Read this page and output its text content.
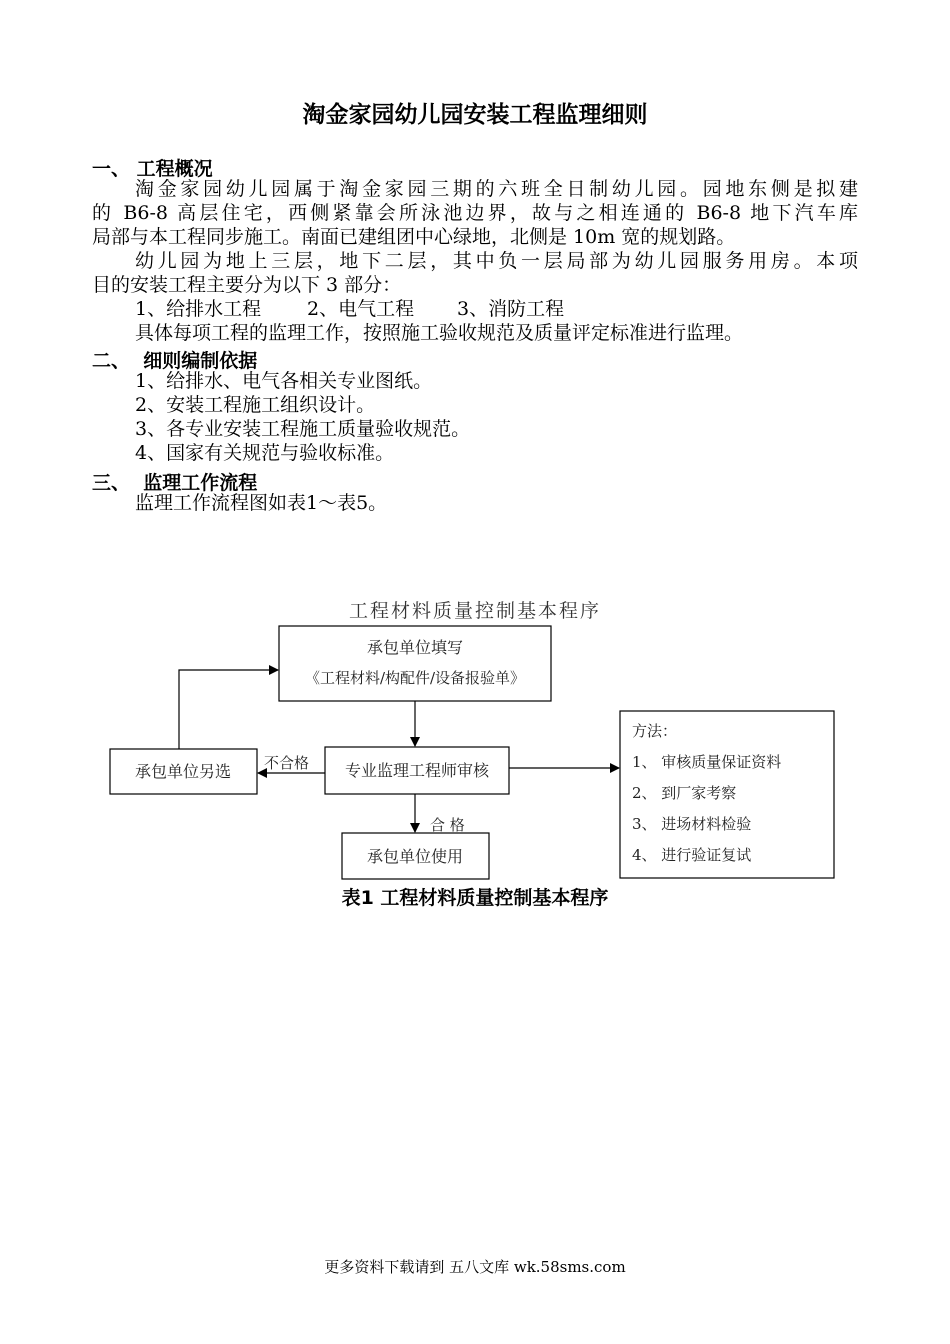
淘金家园幼儿园安装工程监理细则
一、 工程概况
淘金家园幼儿园属于淘金家园三期的六班全日制幼儿园。园地东侧是拟建
的 B6-8 高层住宅，西侧紧靠会所泳池边界，故与之相连通的 B6-8 地下汽车库
局部与本工程同步施工。南面已建组团中心绿地，北侧是 10m 宽的规划路。
幼儿园为地上三层，地下二层，其中负一层局部为幼儿园服务用房。本项
目的安装工程主要分为以下 3 部分：
1、给排水工程 2、电气工程 3、消防工程
具体每项工程的监理工作，按照施工验收规范及质量评定标准进行监理。
二、  细则编制依据
1、给排水、电气各相关专业图纸。
2、安装工程施工组织设计。
3、各专业安装工程施工质量验收规范。
4、国家有关规范与验收标准。
三、  监理工作流程
监理工作流程图如表1～表5。
工程材料质量控制基本程序
承包单位填写
《工程材料/构配件/设备报验单》
专业监理工程师审核
承包单位另选
承包单位使用
方法：
1、 审核质量保证资料
2、 到厂家考察
3、 进场材料检验
4、 进行验证复试
合 格
不合格
表1 工程材料质量控制基本程序
更多资料下载请到 五八文库 wk.58sms.com
